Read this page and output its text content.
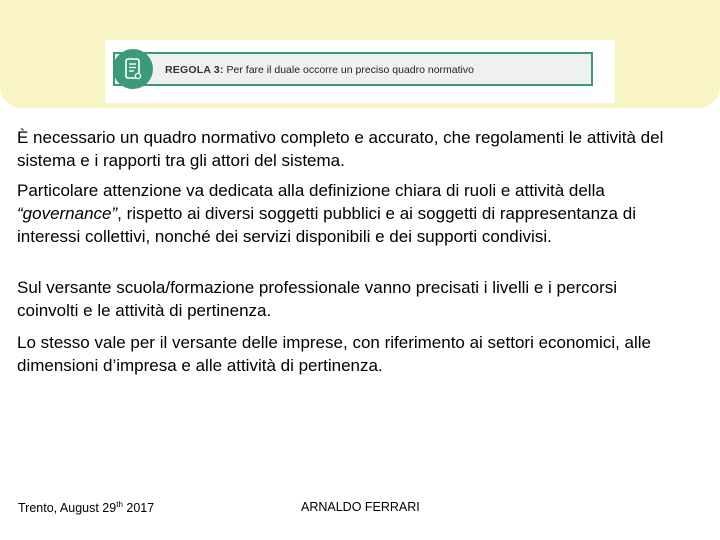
REGOLA 3: Per fare il duale occorre un preciso quadro normativo

È necessario un quadro normativo completo e accurato, che regolamenti le attività del sistema e i rapporti tra gli attori del sistema.

Particolare attenzione va dedicata alla definizione chiara di ruoli e attività della “governance”, rispetto ai diversi soggetti pubblici e ai soggetti di rappresentanza di interessi collettivi, nonché dei servizi disponibili e dei supporti condivisi.

Sul versante scuola/formazione professionale vanno precisati i livelli e i percorsi coinvolti e le attività di pertinenza.

Lo stesso vale per il versante delle imprese, con riferimento ai settori economici, alle dimensioni d’impresa e alle attività di pertinenza.

Trento, August 29th 2017	ARNALDO FERRARI
